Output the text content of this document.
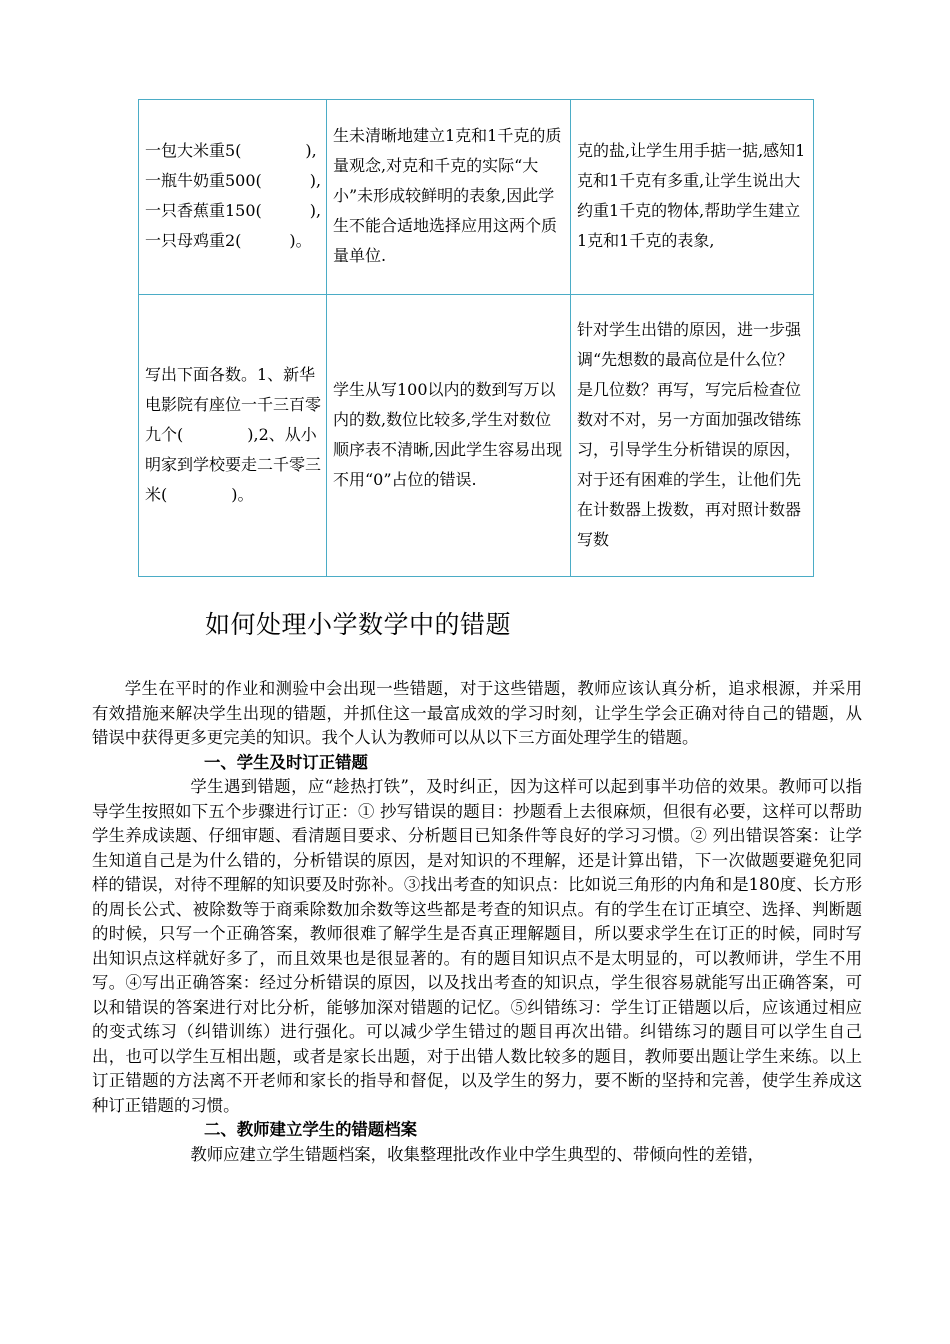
一包大米重5(　　　　),一瓶牛奶重500(　　　),一只香蕉重150(　　　),一只母鸡重2(　　　)。	生未清晰地建立1克和1千克的质量观念,对克和千克的实际“大小”未形成较鲜明的表象,因此学生不能合适地选择应用这两个质量单位.	克的盐,让学生用手掂一掂,感知1克和1千克有多重,让学生说出大约重1千克的物体,帮助学生建立1克和1千克的表象,
写出下面各数。1、新华电影院有座位一千三百零九个(　　　　),2、从小明家到学校要走二千零三米(　　　　)。	学生从写100以内的数到写万以内的数,数位比较多,学生对数位顺序表不清晰,因此学生容易出现不用“0”占位的错误.	针对学生出错的原因，进一步强调“先想数的最高位是什么位？是几位数？再写，写完后检查位数对不对，另一方面加强改错练习，引导学生分析错误的原因，对于还有困难的学生，让他们先在计数器上拨数，再对照计数器写数
如何处理小学数学中的错题

学生在平时的作业和测验中会出现一些错题，对于这些错题，教师应该认真分析，追求根源，并采用有效措施来解决学生出现的错题，并抓住这一最富成效的学习时刻，让学生学会正确对待自己的错题，从错误中获得更多更完美的知识。我个人认为教师可以从以下三方面处理学生的错题。

一、学生及时订正错题

学生遇到错题，应“趁热打铁”，及时纠正，因为这样可以起到事半功倍的效果。教师可以指导学生按照如下五个步骤进行订正：① 抄写错误的题目：抄题看上去很麻烦，但很有必要，这样可以帮助学生养成读题、仔细审题、看清题目要求、分析题目已知条件等良好的学习习惯。② 列出错误答案：让学生知道自己是为什么错的，分析错误的原因，是对知识的不理解，还是计算出错，下一次做题要避免犯同样的错误，对待不理解的知识要及时弥补。③找出考查的知识点：比如说三角形的内角和是180度、长方形的周长公式、被除数等于商乘除数加余数等这些都是考查的知识点。有的学生在订正填空、选择、判断题的时候，只写一个正确答案，教师很难了解学生是否真正理解题目，所以要求学生在订正的时候，同时写出知识点这样就好多了，而且效果也是很显著的。有的题目知识点不是太明显的，可以教师讲，学生不用写。④写出正确答案：经过分析错误的原因，以及找出考查的知识点，学生很容易就能写出正确答案，可以和错误的答案进行对比分析，能够加深对错题的记忆。⑤纠错练习：学生订正错题以后，应该通过相应的变式练习（纠错训练）进行强化。可以减少学生错过的题目再次出错。纠错练习的题目可以学生自己出，也可以学生互相出题，或者是家长出题，对于出错人数比较多的题目，教师要出题让学生来练。以上订正错题的方法离不开老师和家长的指导和督促，以及学生的努力，要不断的坚持和完善，使学生养成这种订正错题的习惯。

二、教师建立学生的错题档案

教师应建立学生错题档案，收集整理批改作业中学生典型的、带倾向性的差错，
